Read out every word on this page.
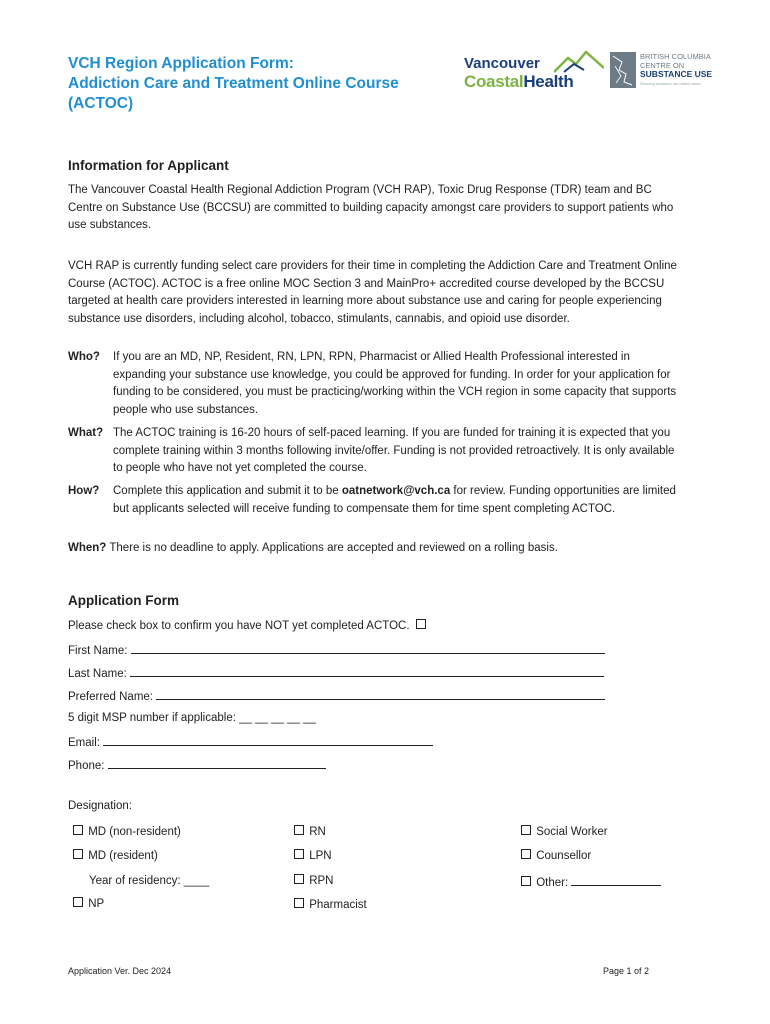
VCH Region Application Form:
Addiction Care and Treatment Online Course
(ACTOC)
Vancouver
CoastalHealth
BRITISH COLUMBIA
CENTRE ON
SUBSTANCE USE
Reducing substance use related harms
Information for Applicant
The Vancouver Coastal Health Regional Addiction Program (VCH RAP), Toxic Drug Response (TDR) team and BC Centre on Substance Use (BCCSU) are committed to building capacity amongst care providers to support patients who use substances.
VCH RAP is currently funding select care providers for their time in completing the Addiction Care and Treatment Online Course (ACTOC). ACTOC is a free online MOC Section 3 and MainPro+ accredited course developed by the BCCSU targeted at health care providers interested in learning more about substance use and caring for people experiencing substance use disorders, including alcohol, tobacco, stimulants, cannabis, and opioid use disorder.
Who?	If you are an MD, NP, Resident, RN, LPN, RPN, Pharmacist or Allied Health Professional interested in expanding your substance use knowledge, you could be approved for funding. In order for your application for funding to be considered, you must be practicing/working within the VCH region in some capacity that supports people who use substances.
What? The ACTOC training is 16-20 hours of self-paced learning. If you are funded for training it is expected that you complete training within 3 months following invite/offer. Funding is not provided retroactively. It is only available to people who have not yet completed the course.
How?	Complete this application and submit it to be oatnetwork@vch.ca for review. Funding opportunities are limited but applicants selected will receive funding to compensate them for time spent completing ACTOC.
When? There is no deadline to apply. Applications are accepted and reviewed on a rolling basis.
Application Form
Please check box to confirm you have NOT yet completed ACTOC.
First Name:
Last Name:
Preferred Name:
5 digit MSP number if applicable: __ __ __ __ __
Email:
Phone:
Designation:
MD (non-resident)
MD (resident)
Year of residency: ____
NP
RN
LPN
RPN
Pharmacist
Social Worker
Counsellor
Other:
Application Ver. Dec 2024	Page 1 of 2
